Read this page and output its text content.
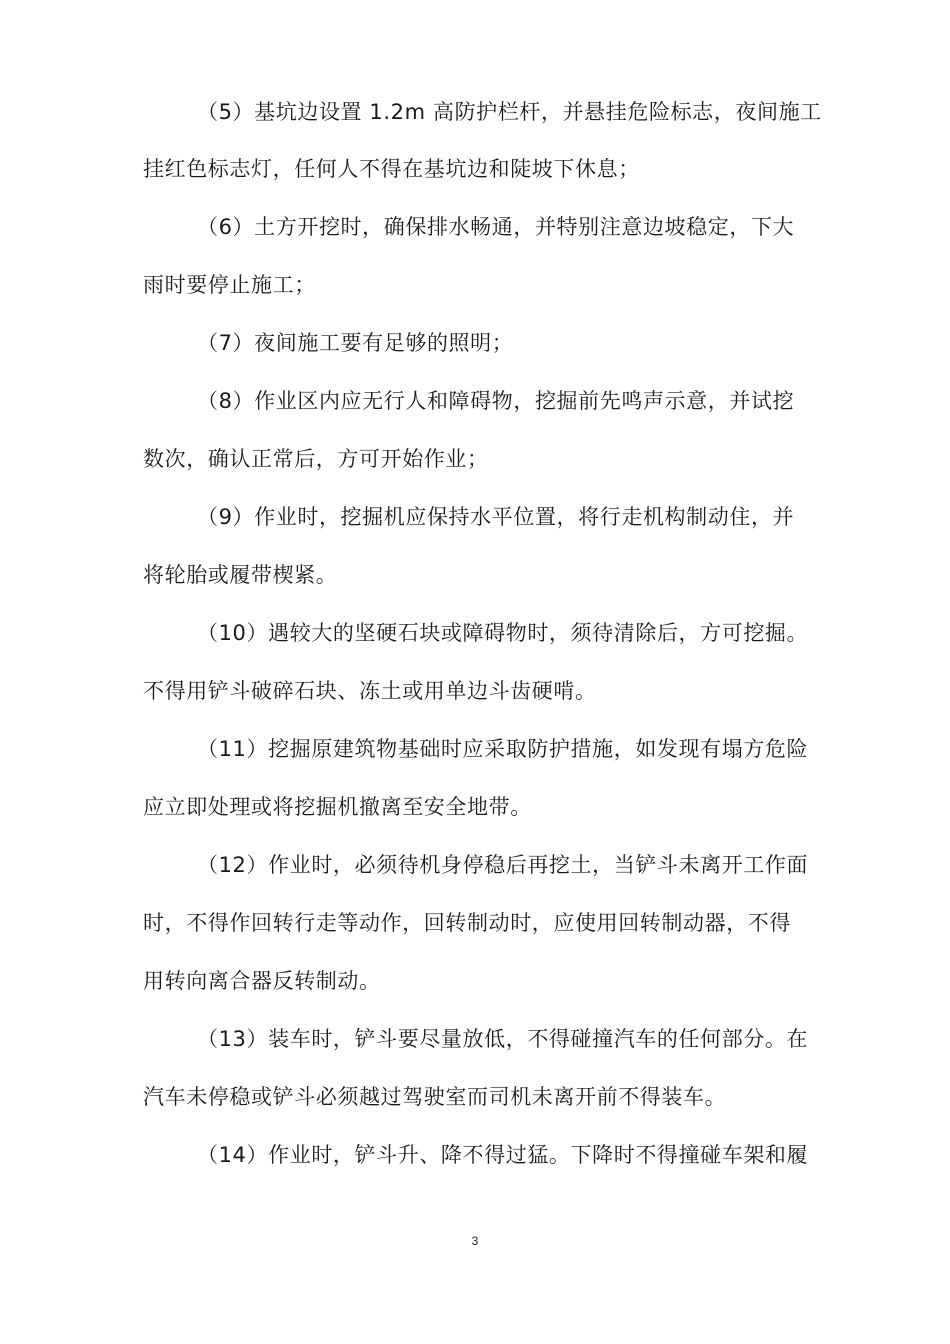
（5）基坑边设置 1.2m 高防护栏杆，并悬挂危险标志，夜间施工
挂红色标志灯，任何人不得在基坑边和陡坡下休息；
（6）土方开挖时，确保排水畅通，并特别注意边坡稳定，下大
雨时要停止施工；
（7）夜间施工要有足够的照明；
（8）作业区内应无行人和障碍物，挖掘前先鸣声示意，并试挖
数次，确认正常后，方可开始作业；
（9）作业时，挖掘机应保持水平位置，将行走机构制动住，并
将轮胎或履带楔紧。
（10）遇较大的坚硬石块或障碍物时，须待清除后，方可挖掘。
不得用铲斗破碎石块、冻土或用单边斗齿硬啃。
（11）挖掘原建筑物基础时应采取防护措施，如发现有塌方危险
应立即处理或将挖掘机撤离至安全地带。
（12）作业时，必须待机身停稳后再挖土，当铲斗未离开工作面
时，不得作回转行走等动作，回转制动时，应使用回转制动器，不得
用转向离合器反转制动。
（13）装车时，铲斗要尽量放低，不得碰撞汽车的任何部分。在
汽车未停稳或铲斗必须越过驾驶室而司机未离开前不得装车。
（14）作业时，铲斗升、降不得过猛。下降时不得撞碰车架和履
3
